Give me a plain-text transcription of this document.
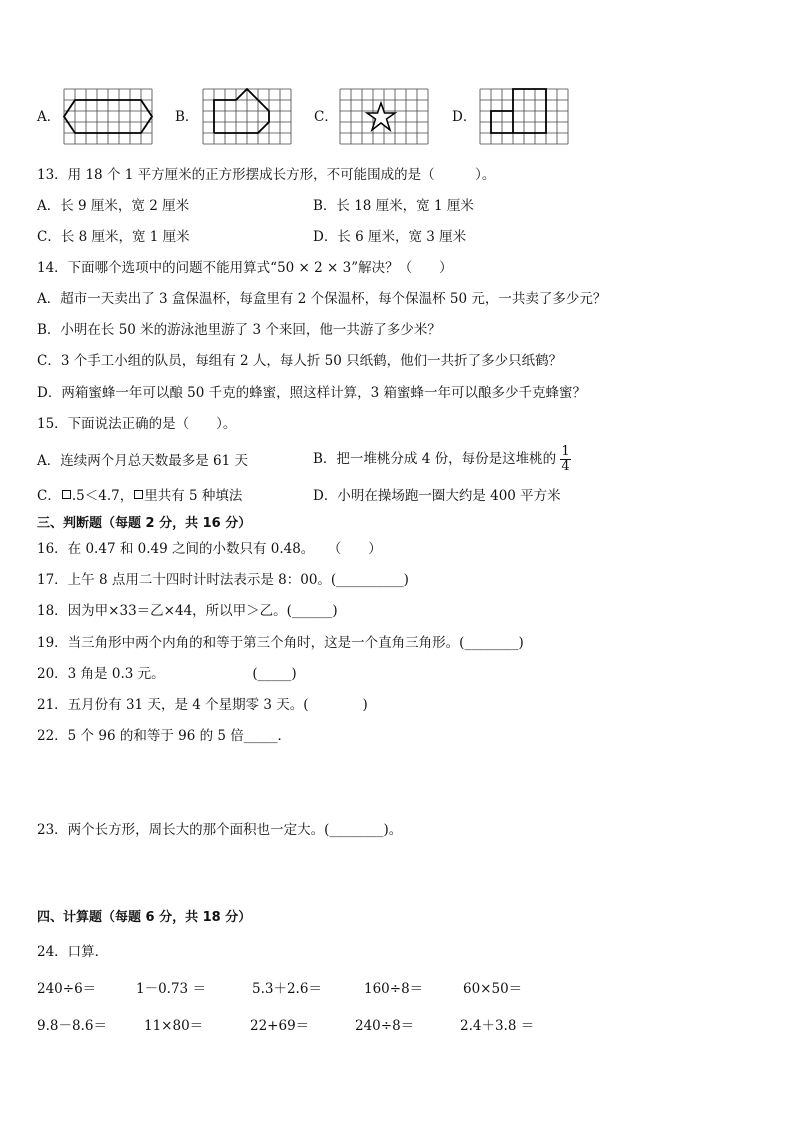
A．	B．	C．	D．
13．用 18 个 1 平方厘米的正方形摆成长方形，不可能围成的是（　　　）。
A．长 9 厘米，宽 2 厘米	B．长 18 厘米，宽 1 厘米
C．长 8 厘米，宽 1 厘米	D．长 6 厘米，宽 3 厘米
14．下面哪个选项中的问题不能用算式“50 × 2 × 3”解决？（　　）
A．超市一天卖出了 3 盒保温杯，每盒里有 2 个保温杯，每个保温杯 50 元，一共卖了多少元？
B．小明在长 50 米的游泳池里游了 3 个来回，他一共游了多少米？
C．3 个手工小组的队员，每组有 2 人，每人折 50 只纸鹤，他们一共折了多少只纸鹤？
D．两箱蜜蜂一年可以酿 50 千克的蜂蜜，照这样计算，3 箱蜜蜂一年可以酿多少千克蜂蜜？
15．下面说法正确的是（　　）。
A．连续两个月总天数最多是 61 天	B．把一堆桃分成 4 份，每份是这堆桃的 $\frac{1}{4}$
C． .5＜4.7， 里共有 5 种填法	D．小明在操场跑一圈大约是 400 平方米
三、判断题（每题 2 分，共 16 分）
16．在 0.47 和 0.49 之间的小数只有 0.48。　　（　　）
17．上午 8 点用二十四时计时法表示是 8：00。(__________)
18．因为甲×33＝乙×44，所以甲＞乙。(______)
19．当三角形中两个内角的和等于第三个角时，这是一个直角三角形。(________)
20．3 角是 0.3 元。　　　　　　　(_____)
21．五月份有 31 天，是 4 个星期零 3 天。(　　　　)
22．5 个 96 的和等于 96 的 5 倍_____．
23．两个长方形，周长大的那个面积也一定大。(________)。
四、计算题（每题 6 分，共 18 分）
24．口算．
240÷6＝	1－0.73 ＝	5.3＋2.6＝	160÷8＝	60×50＝
9.8－8.6＝	11×80＝	22+69＝	240÷8＝	2.4＋3.8 ＝
